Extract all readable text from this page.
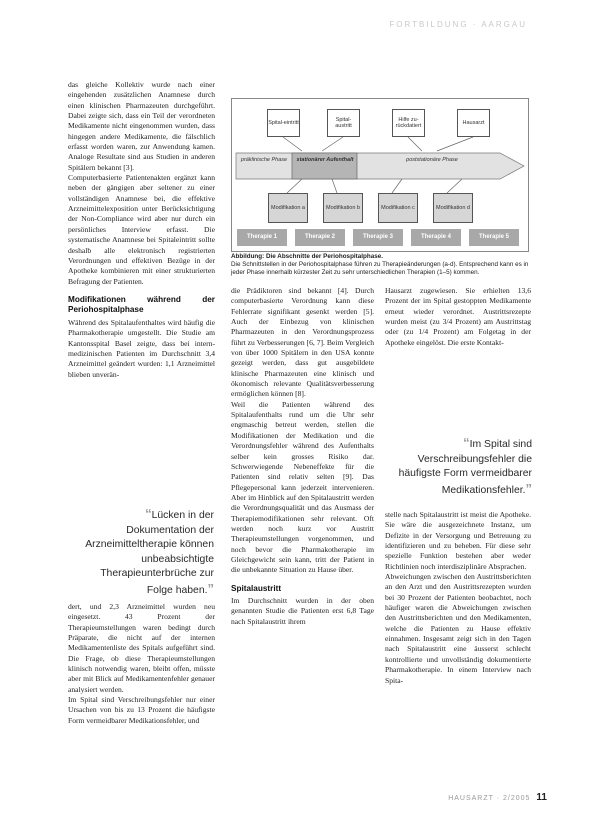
FORTBILDUNG · AARGAU

das gleiche Kollektiv wurde nach einer eingehenden zusätzlichen Anamnese durch einen klinischen Pharmazeuten durchgeführt. Dabei zeigte sich, dass ein Teil der verordneten Medikamente nicht eingenommen wurden, dass hingegen andere Medikamente, die fälschlich erfasst worden waren, zur Anwendung kamen. Analoge Resultate sind aus Studien in anderen Spitälern bekannt [3].

Computerbasierte Patientenakten ergänzt kann neben der gängigen aber seltener zu einer vollständigen Anamnese bei, die effektive Arzneimittelexposition unter Berücksichtigung der Non-Compliance wird aber nur durch ein persönliches Interview erfasst. Die systematische Anamnese bei Spitaleintritt sollte deshalb alle elektronisch registrierten Verordnungen und effektiven Bezüge in der Apotheke kombinieren mit einer strukturierten Befragung der Patienten.

Modifikationen während der Periohospitalphase

Während des Spitalaufenthaltes wird häufig die Pharmakotherapie umgestellt. Die Studie am Kantonsspital Basel zeigte, dass bei intern-medizinischen Patienten im Durchschnitt 3,4 Arzneimittel geändert wurden: 1,1 Arzneimittel blieben unverän-

“Lücken in der Dokumentation der Arzneimitteltherapie können unbeabsichtigte Therapieunterbrüche zur Folge haben.”

dert, und 2,3 Arzneimittel wurden neu eingesetzt. 43 Prozent der Therapieumstellungen waren bedingt durch Präparate, die nicht auf der internen Medikamentenliste des Spitals aufgeführt sind. Die Frage, ob diese Therapieumstellungen klinisch notwendig waren, bleibt offen, müsste aber mit Blick auf Medikamentenfehler genauer analysiert werden.

Im Spital sind Verschreibungsfehler nur einer Ursachen von bis zu 13 Prozent die häufigste Form vermeidbarer Medikationsfehler, und

Spital-eintritt
Spital-austritt
Hilfe zu-rückdatiert
Hausarzt
präklinische Phase stationärer Aufenthalt	poststationäre Phase
Modifikation a	Modifikation b	Modifikation c	Modifikation d
Therapie 1	Therapie 2	Therapie 3	Therapie 4	Therapie 5
Abbildung: Die Abschnitte der Periohospitalphase.
Die Schnittstellen in der Periohospitalphase führen zu Therapieänderungen (a-d). Entsprechend kann es in jeder Phase innerhalb kürzester Zeit zu sehr unterschiedlichen Therapien (1–5) kommen.

die Prädiktoren sind bekannt [4]. Durch computerbasierte Verordnung kann diese Fehlerrate signifikant gesenkt werden [5]. Auch der Einbezug von klinischen Pharmazeuten in den Verordnungsprozess führt zu Verbesserungen [6, 7]. Beim Vergleich von über 1000 Spitälern in den USA konnte gezeigt werden, dass gut ausgebildete klinische Pharmazeuten eine klinisch und ökonomisch relevante Qualitätsverbesserung ermöglichen können [8].

Weil die Patienten während des Spitalaufenthalts rund um die Uhr sehr engmaschig betreut werden, stellen die Modifikationen der Medikation und die Verordnungsfehler während des Aufenthalts selber kein grosses Risiko dar. Schwerwiegende Nebeneffekte für die Patienten sind relativ selten [9]. Das Pflegepersonal kann jederzeit intervenieren. Aber im Hinblick auf den Spitalaustritt werden die Verordnungsqualität und das Ausmass der Therapiemodifikationen sehr relevant. Oft werden noch kurz vor Austritt Therapieumstellungen vorgenommen, und noch bevor die Pharmakotherapie im Gleichgewicht sein kann, tritt der Patient in die unbekannte Situation zu Hause über.

Spitalaustritt

Im Durchschnitt wurden in der oben genannten Studie die Patienten erst 6,8 Tage nach Spitalaustritt ihrem

Hausarzt zugewiesen. Sie erhielten 13,6 Prozent der im Spital gestoppten Medikamente erneut wieder verordnet. Austrittsrezepte wurden meist (zu 3/4 Prozent) am Austrittstag oder (zu 1/4 Prozent) am Folgetag in der Apotheke eingelöst. Die erste Kontakt-

“Im Spital sind Verschreibungsfehler die häufigste Form vermeidbarer Medikationsfehler.”

stelle nach Spitalaustritt ist meist die Apotheke. Sie wäre die ausgezeichnete Instanz, um Defizite in der Versorgung und Betreuung zu identifizieren und zu beheben. Für diese sehr spezielle Funktion bestehen aber weder Richtlinien noch interdisziplinäre Absprachen.

Abweichungen zwischen den Austrittsberichten an den Arzt und den Austrittsrezepten wurden bei 30 Prozent der Patienten beobachtet, noch häufiger waren die Abweichungen zwischen den Austrittsberichten und den Medikamenten, welche die Patienten zu Hause effektiv einnahmen. Insgesamt zeigt sich in den Tagen nach Spitalaustritt eine äusserst schlecht kontrollierte und unvollständig dokumentierte Pharmakotherapie. In einem Interview nach Spita-

HAUSARZT · 2/2005 11
